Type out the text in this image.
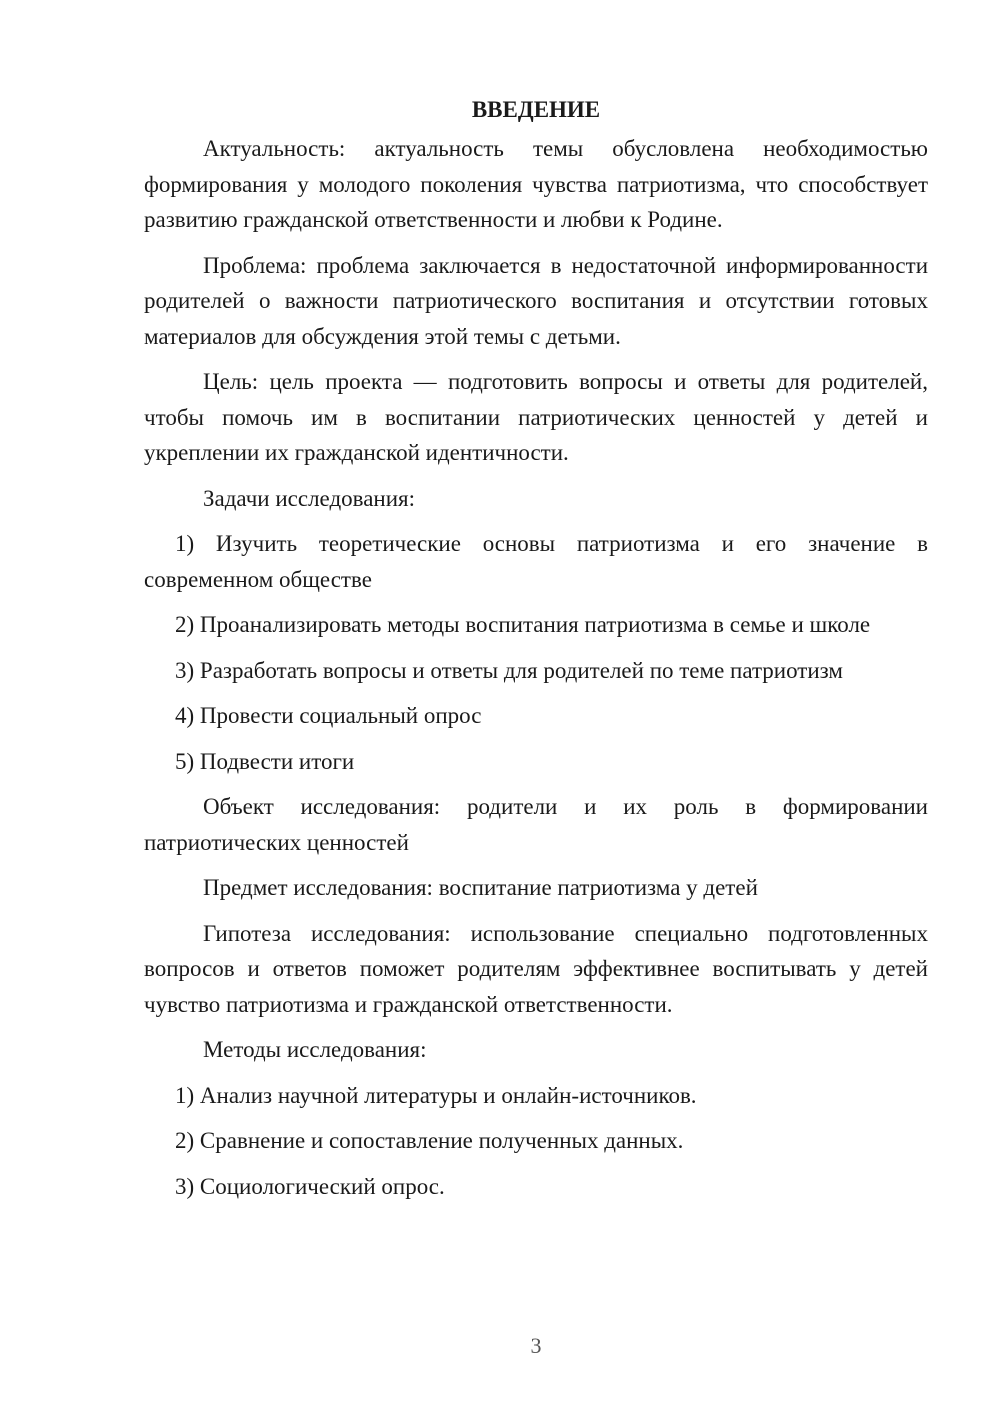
ВВЕДЕНИЕ

Актуальность: актуальность темы обусловлена необходимостью формирования у молодого поколения чувства патриотизма, что способствует развитию гражданской ответственности и любви к Родине.

Проблема: проблема заключается в недостаточной информированности родителей о важности патриотического воспитания и отсутствии готовых материалов для обсуждения этой темы с детьми.

Цель: цель проекта — подготовить вопросы и ответы для родителей, чтобы помочь им в воспитании патриотических ценностей у детей и укреплении их гражданской идентичности.

Задачи исследования:

1) Изучить теоретические основы патриотизма и его значение в современном обществе

2) Проанализировать методы воспитания патриотизма в семье и школе

3) Разработать вопросы и ответы для родителей по теме патриотизм

4) Провести социальный опрос

5) Подвести итоги

Объект исследования: родители и их роль в формировании патриотических ценностей

Предмет исследования: воспитание патриотизма у детей

Гипотеза исследования: использование специально подготовленных вопросов и ответов поможет родителям эффективнее воспитывать у детей чувство патриотизма и гражданской ответственности.

Методы исследования:

1) Анализ научной литературы и онлайн-источников.

2) Сравнение и сопоставление полученных данных.

3) Социологический опрос.

3
